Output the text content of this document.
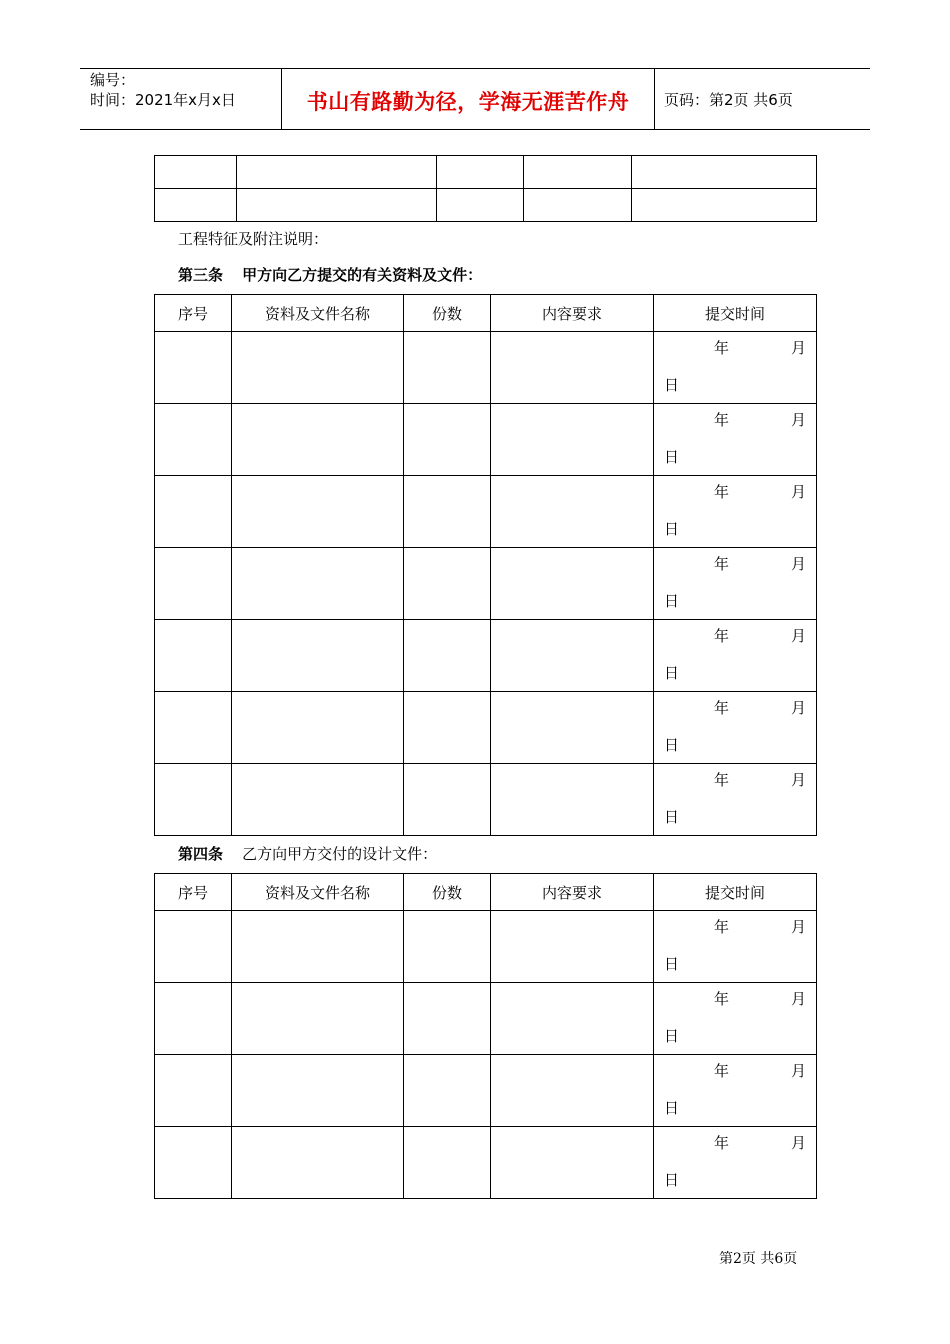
编号：
时间：2021年x月x日	书山有路勤为径，学海无涯苦作舟	页码：第2页 共6页

工程特征及附注说明：
第三条 甲方向乙方提交的有关资料及文件：
序号	资料及文件名称	份数	内容要求	提交时间

				年 月
日

				年 月
日

				年 月
日

				年 月
日

				年 月
日

				年 月
日

				年 月
日
第四条 乙方向甲方交付的设计文件：
序号	资料及文件名称	份数	内容要求	提交时间

				年 月
日

				年 月
日

				年 月
日

				年 月
日
第2页 共6页
